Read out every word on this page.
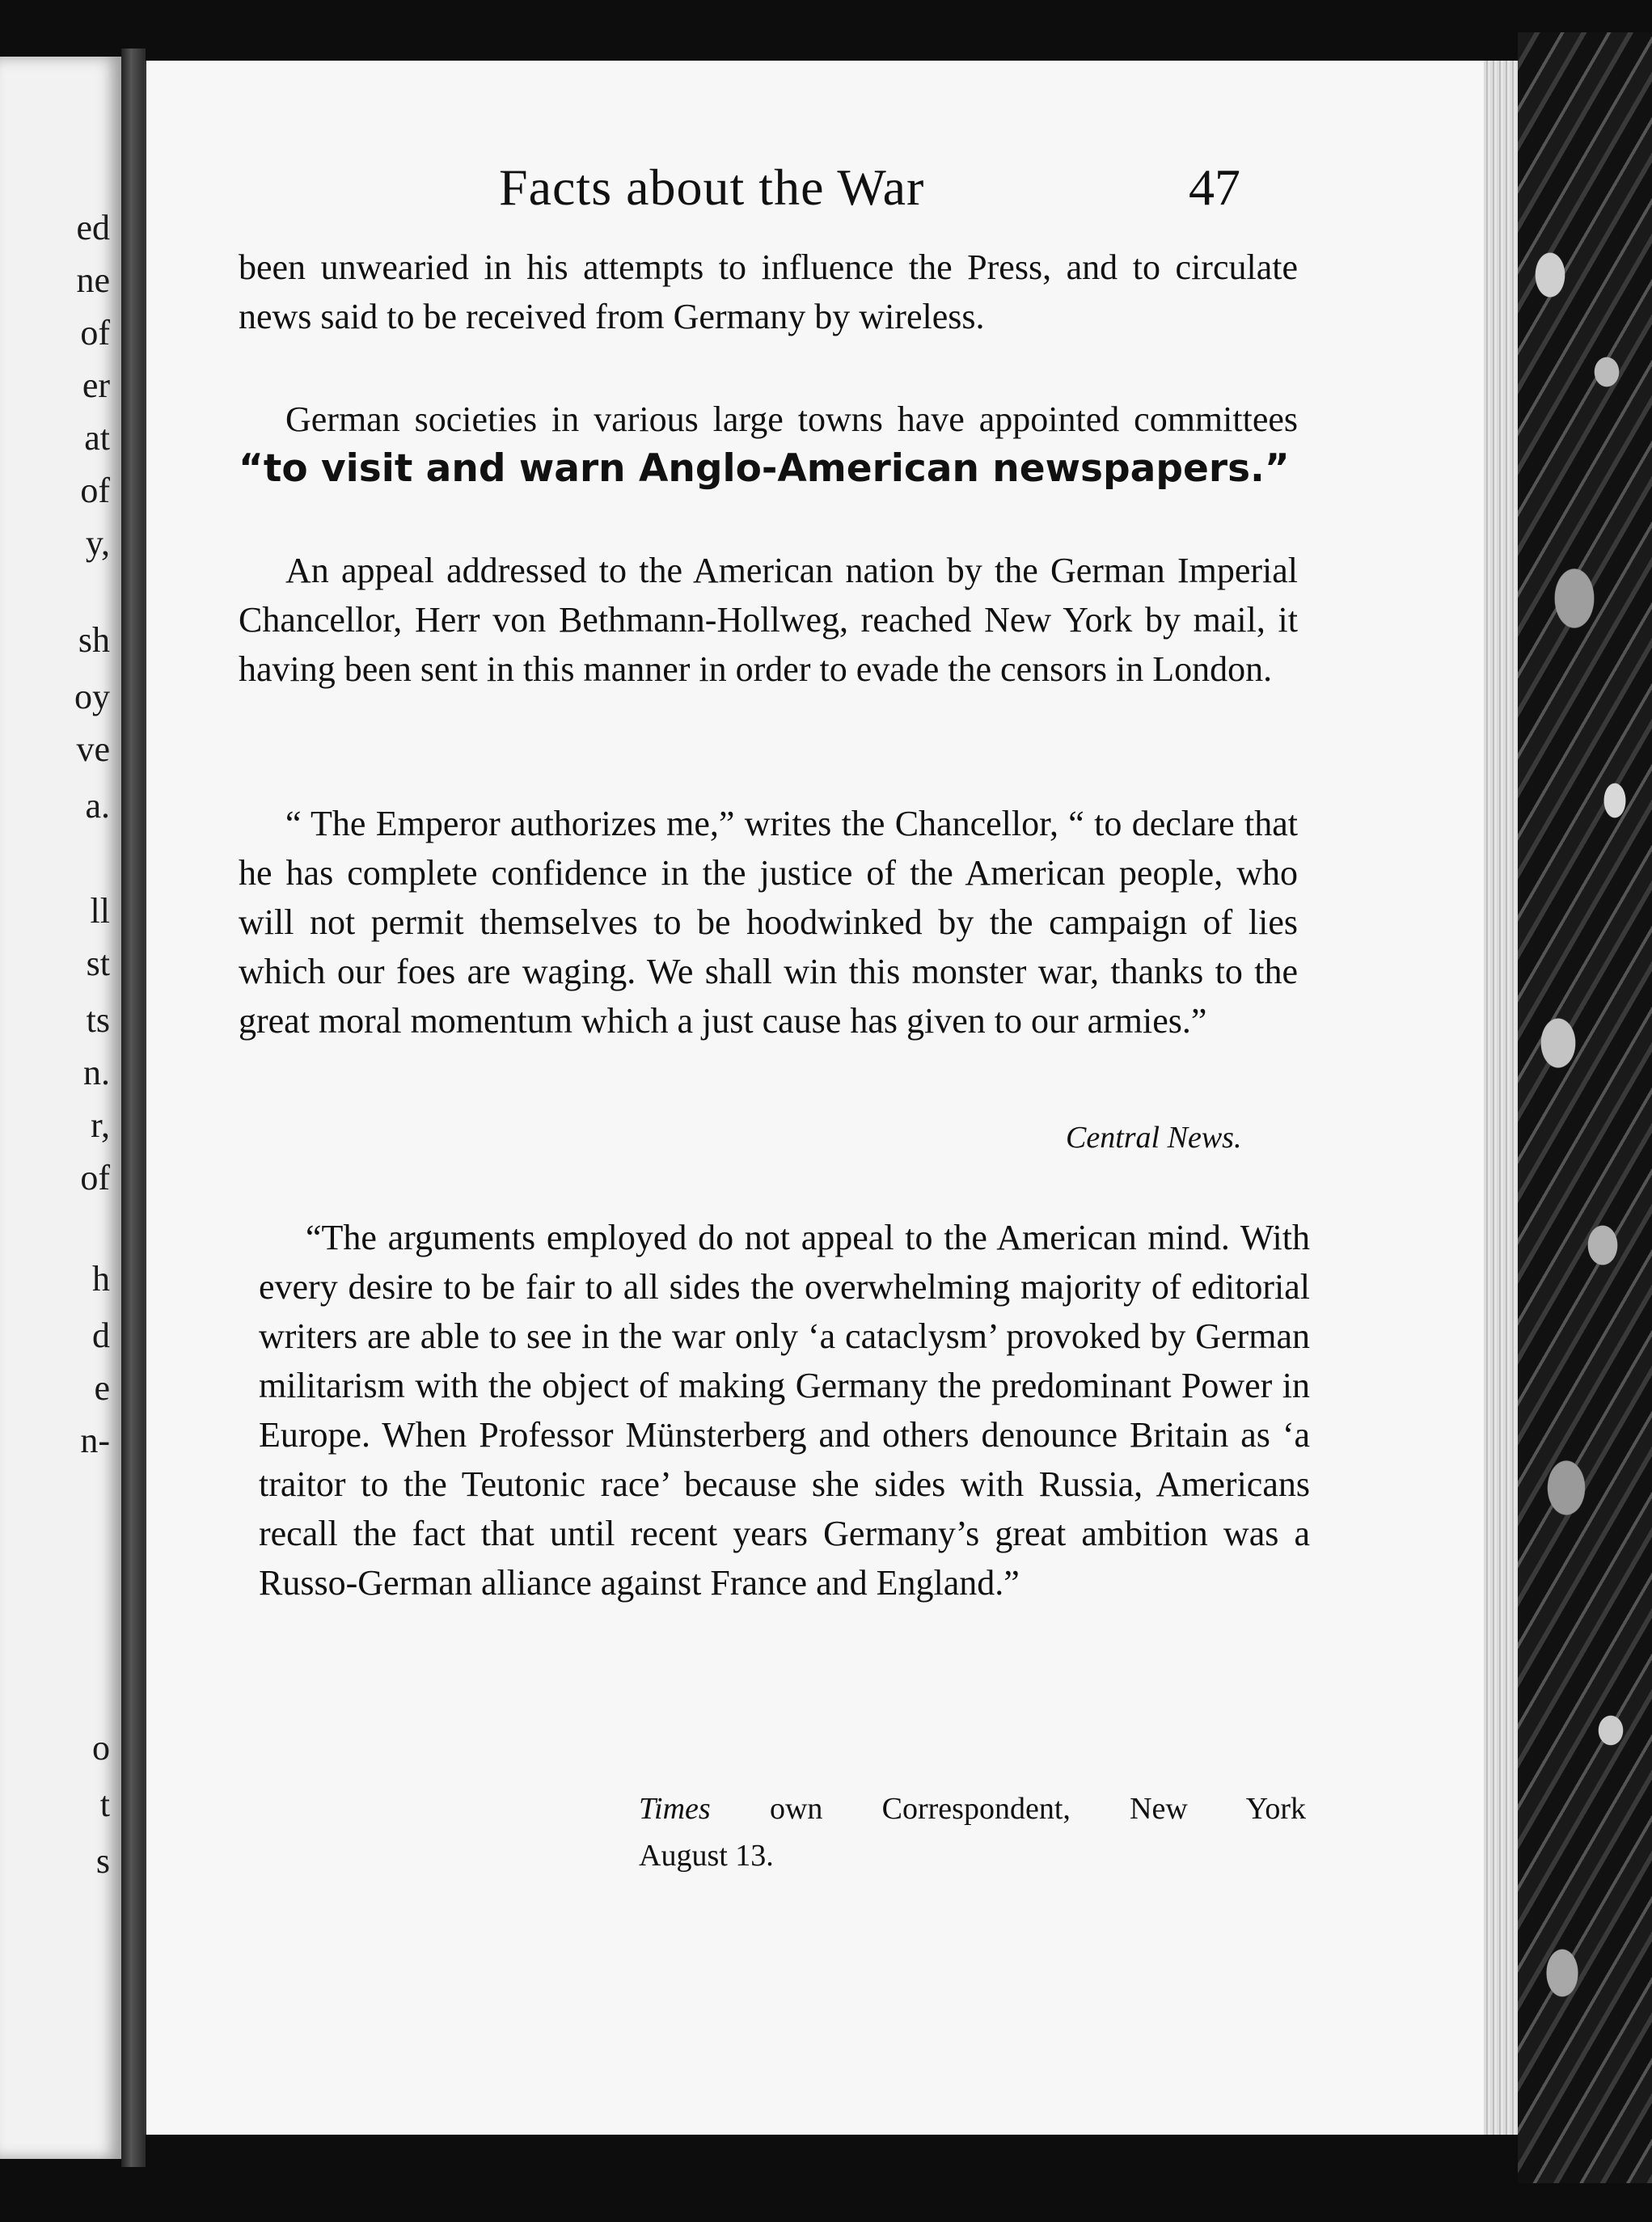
ed
ne
of
er
at
of
y,
sh
oy
ve
a.
ll
st
ts
n.
r,
of
h
d
e
n-
o
t
s
Facts about the War	47

been unwearied in his attempts to influence the Press, and to circulate news said to be received from Germany by wireless.

German societies in various large towns have appointed committees “to visit and warn Anglo-American newspapers.”

An appeal addressed to the American nation by the German Imperial Chancellor, Herr von Bethmann-Hollweg, reached New York by mail, it having been sent in this manner in order to evade the censors in London.

“ The Emperor authorizes me,” writes the Chancellor, “ to declare that he has complete confidence in the justice of the American people, who will not permit themselves to be hoodwinked by the campaign of lies which our foes are waging. We shall win this monster war, thanks to the great moral momentum which a just cause has given to our armies.”

Central News.

“The arguments employed do not appeal to the American mind. With every desire to be fair to all sides the overwhelming majority of editorial writers are able to see in the war only ‘a cataclysm’ provoked by German militarism with the object of making Germany the predominant Power in Europe. When Professor Münsterberg and others denounce Britain as ‘a traitor to the Teutonic race’ because she sides with Russia, Americans recall the fact that until recent years Germany’s great ambition was a Russo-German alliance against France and England.”

Times own Correspondent, New York
August 13.
